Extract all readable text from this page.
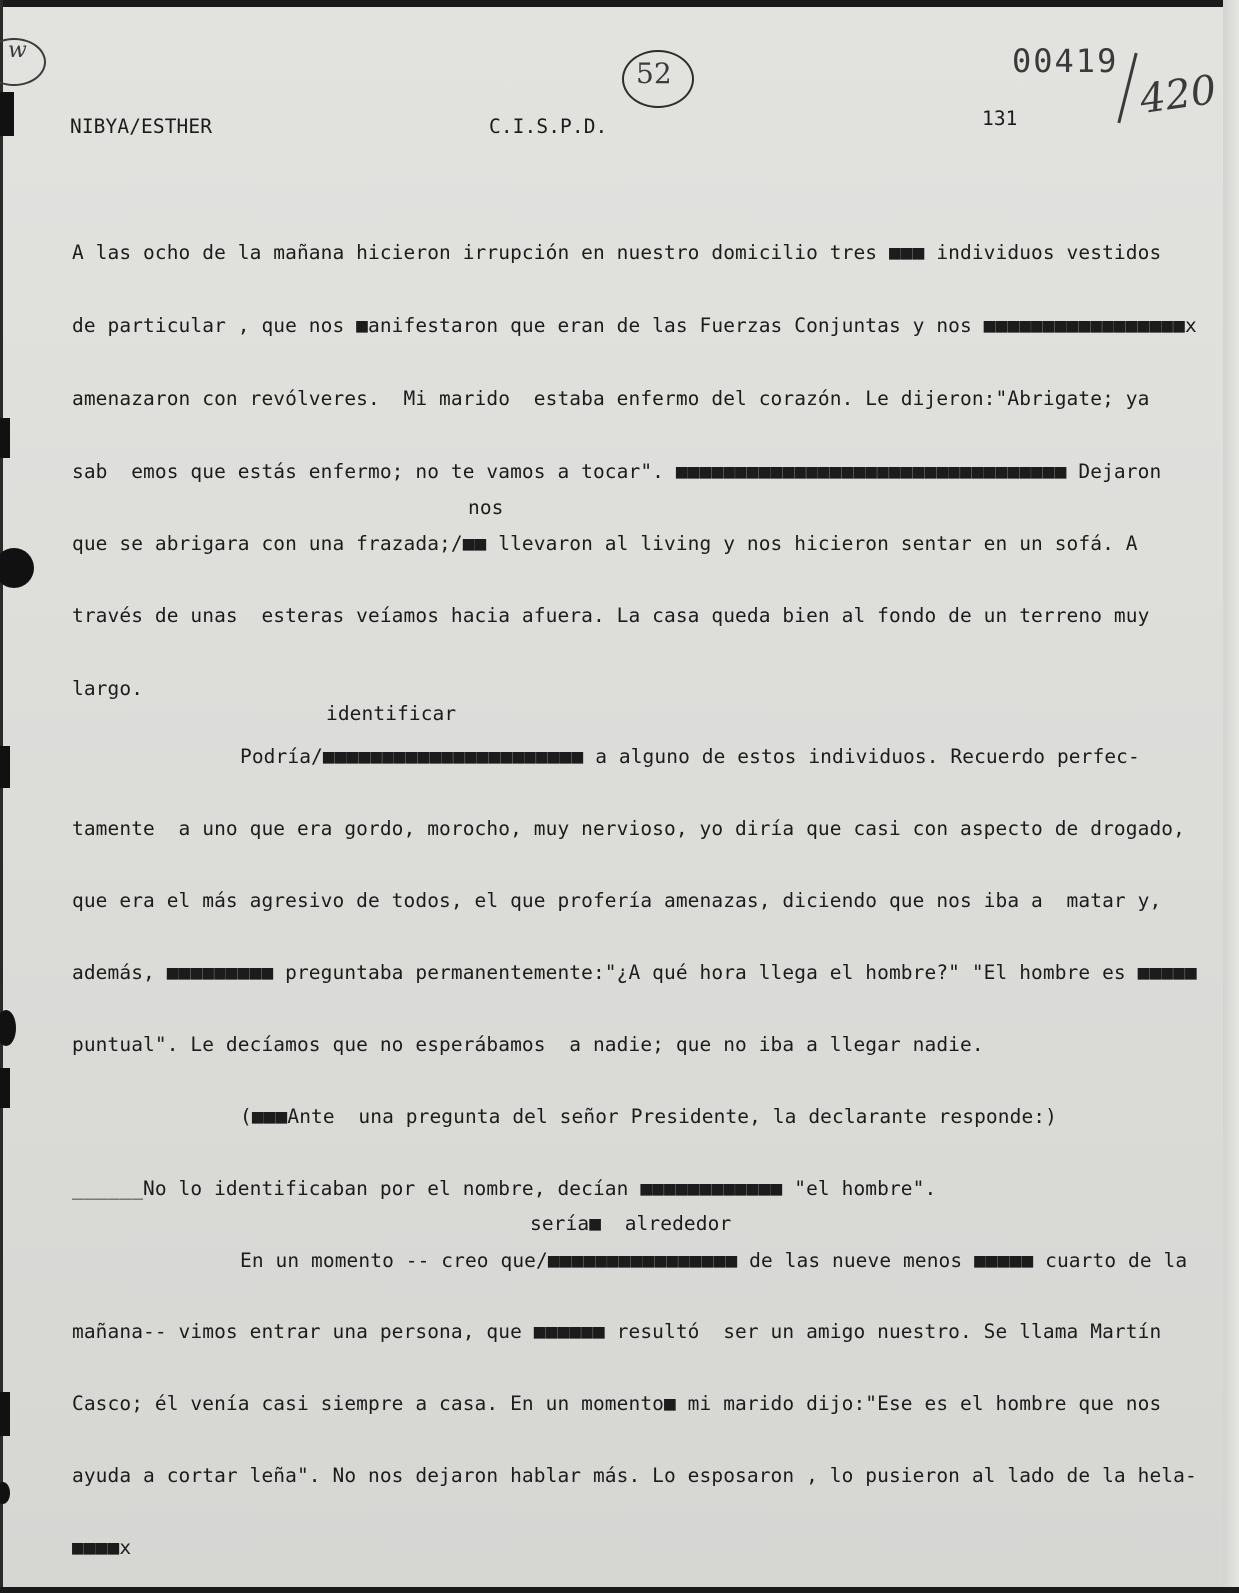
w
52	00419
420
NIBYA/ESTHER	C.I.S.P.D.	131
A las ocho de la mañana hicieron irrupción en nuestro domicilio tres ■■■ individuos vestidos
de particular , que nos ■anifestaron que eran de las Fuerzas Conjuntas y nos ■■■■■■■■■■■■■■■■■x
amenazaron con revólveres.  Mi marido  estaba enfermo del corazón. Le dijeron:"Abrigate; ya
sab  emos que estás enfermo; no te vamos a tocar". ■■■■■■■■■■■■■■■■■■■■■■■■■■■■■■■■■ Dejaron
nos
que se abrigara con una frazada;/■■ llevaron al living y nos hicieron sentar en un sofá. A
través de unas  esteras veíamos hacia afuera. La casa queda bien al fondo de un terreno muy
largo.
identificar
Podría/■■■■■■■■■■■■■■■■■■■■■■ a alguno de estos individuos. Recuerdo perfec-
tamente  a uno que era gordo, morocho, muy nervioso, yo diría que casi con aspecto de drogado,
que era el más agresivo de todos, el que profería amenazas, diciendo que nos iba a  matar y,
además, ■■■■■■■■■ preguntaba permanentemente:"¿A qué hora llega el hombre?" "El hombre es ■■■■■
puntual". Le decíamos que no esperábamos  a nadie; que no iba a llegar nadie.
(■■■Ante  una pregunta del señor Presidente, la declarante responde:)
______No lo identificaban por el nombre, decían ■■■■■■■■■■■■ "el hombre".
sería■  alrededor
En un momento -- creo que/■■■■■■■■■■■■■■■■ de las nueve menos ■■■■■ cuarto de la
mañana-- vimos entrar una persona, que ■■■■■■ resultó  ser un amigo nuestro. Se llama Martín
Casco; él venía casi siempre a casa. En un momento■ mi marido dijo:"Ese es el hombre que nos
ayuda a cortar leña". No nos dejaron hablar más. Lo esposaron , lo pusieron al lado de la hela-
■■■■x
